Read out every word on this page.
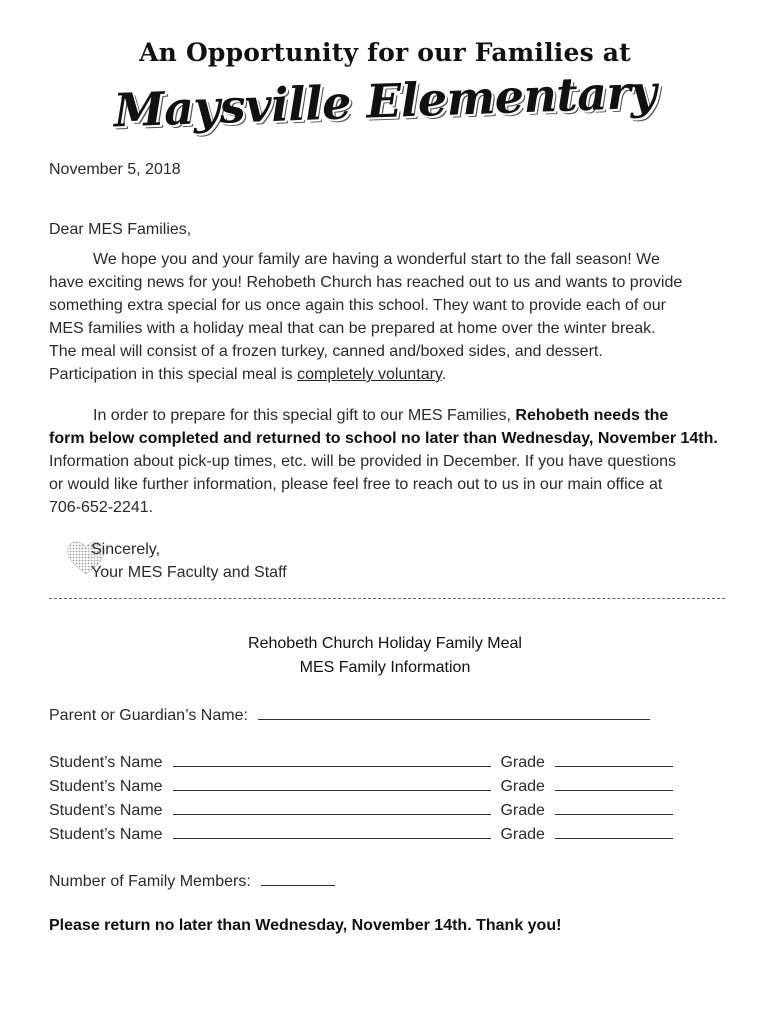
An Opportunity for our Families at
Maysville Elementary
November 5, 2018
Dear MES Families,

We hope you and your family are having a wonderful start to the fall season! We

have exciting news for you! Rehobeth Church has reached out to us and wants to provide

something extra special for us once again this school. They want to provide each of our

MES families with a holiday meal that can be prepared at home over the winter break.

The meal will consist of a frozen turkey, canned and/boxed sides, and dessert.

Participation in this special meal is completely voluntary.

In order to prepare for this special gift to our MES Families, Rehobeth needs the

form below completed and returned to school no later than Wednesday, November 14th.

Information about pick-up times, etc. will be provided in December. If you have questions

or would like further information, please feel free to reach out to us in our main office at

706-652-2241.

Sincerely,
Your MES Faculty and Staff
Rehobeth Church Holiday Family Meal
MES Family Information
Parent or Guardian’s Name:
Student’s Name	Grade
Student’s Name	Grade
Student’s Name	Grade
Student’s Name	Grade
Number of Family Members:
Please return no later than Wednesday, November 14th. Thank you!
